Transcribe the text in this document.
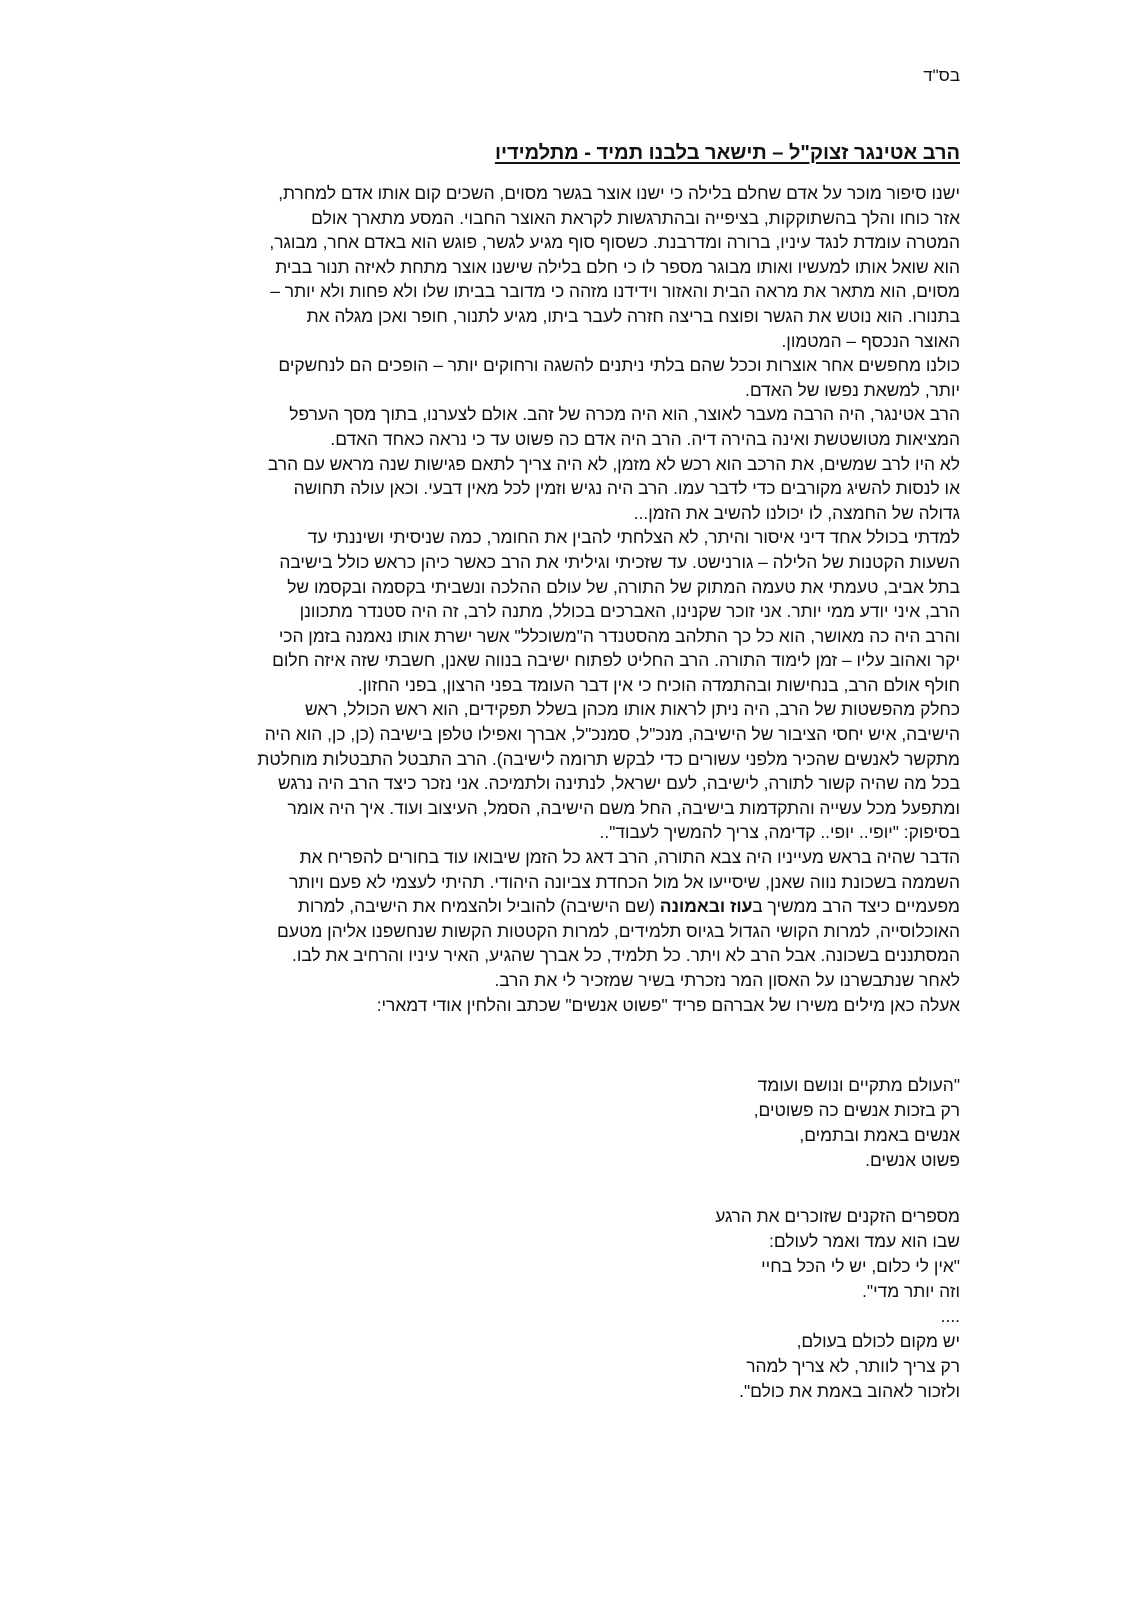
בס"ד

הרב אטינגר זצוק"ל – תישאר בלבנו תמיד - מתלמידיו
ישנו סיפור מוכר על אדם שחלם בלילה כי ישנו אוצר בגשר מסוים, השכים קום אותו אדם למחרת,
אזר כוחו והלך בהשתוקקות, בציפייה ובהתרגשות לקראת האוצר החבוי. המסע מתארך אולם
המטרה עומדת לנגד עיניו, ברורה ומדרבנת. כשסוף סוף מגיע לגשר, פוגש הוא באדם אחר, מבוגר,
הוא שואל אותו למעשיו ואותו מבוגר מספר לו כי חלם בלילה שישנו אוצר מתחת לאיזה תנור בבית
מסוים, הוא מתאר את מראה הבית והאזור וידידנו מזהה כי מדובר בביתו שלו ולא פחות ולא יותר –
בתנורו. הוא נוטש את הגשר ופוצח בריצה חזרה לעבר ביתו, מגיע לתנור, חופר ואכן מגלה את
האוצר הנכסף – המטמון.
כולנו מחפשים אחר אוצרות וככל שהם בלתי ניתנים להשגה ורחוקים יותר – הופכים הם לנחשקים
יותר, למשאת נפשו של האדם.
הרב אטינגר, היה הרבה מעבר לאוצר, הוא היה מכרה של זהב. אולם לצערנו, בתוך מסך הערפל
המציאות מטושטשת ואינה בהירה דיה. הרב היה אדם כה פשוט עד כי נראה כאחד האדם.
לא היו לרב שמשים, את הרכב הוא רכש לא מזמן, לא היה צריך לתאם פגישות שנה מראש עם הרב
או לנסות להשיג מקורבים כדי לדבר עמו. הרב היה נגיש וזמין לכל מאין דבעי. וכאן עולה תחושה
גדולה של החמצה, לו יכולנו להשיב את הזמן...
למדתי בכולל אחד דיני איסור והיתר, לא הצלחתי להבין את החומר, כמה שניסיתי ושיננתי עד
השעות הקטנות של הלילה – גורנישט. עד שזכיתי וגיליתי את הרב כאשר כיהן כראש כולל בישיבה
בתל אביב, טעמתי את טעמה המתוק של התורה, של עולם ההלכה ונשביתי בקסמה ובקסמו של
הרב, איני יודע ממי יותר. אני זוכר שקנינו, האברכים בכולל, מתנה לרב, זה היה סטנדר מתכוונן
והרב היה כה מאושר, הוא כל כך התלהב מהסטנדר ה"משוכלל" אשר ישרת אותו נאמנה בזמן הכי
יקר ואהוב עליו – זמן לימוד התורה. הרב החליט לפתוח ישיבה בנווה שאנן, חשבתי שזה איזה חלום
חולף אולם הרב, בנחישות ובהתמדה הוכיח כי אין דבר העומד בפני הרצון, בפני החזון.
כחלק מהפשטות של הרב, היה ניתן לראות אותו מכהן בשלל תפקידים, הוא ראש הכולל, ראש
הישיבה, איש יחסי הציבור של הישיבה, מנכ"ל, סמנכ"ל, אברך ואפילו טלפן בישיבה (כן, כן, הוא היה
מתקשר לאנשים שהכיר מלפני עשורים כדי לבקש תרומה לישיבה). הרב התבטל התבטלות מוחלטת
בכל מה שהיה קשור לתורה, לישיבה, לעם ישראל, לנתינה ולתמיכה. אני נזכר כיצד הרב היה נרגש
ומתפעל מכל עשייה והתקדמות בישיבה, החל משם הישיבה, הסמל, העיצוב ועוד. איך היה אומר
בסיפוק: "יופי.. יופי.. קדימה, צריך להמשיך לעבוד"..
הדבר שהיה בראש מעייניו היה צבא התורה, הרב דאג כל הזמן שיבואו עוד בחורים להפריח את
השממה בשכונת נווה שאנן, שיסייעו אל מול הכחדת צביונה היהודי. תהיתי לעצמי לא פעם ויותר
מפעמיים כיצד הרב ממשיך בעוז ובאמונה (שם הישיבה) להוביל ולהצמיח את הישיבה, למרות
האוכלוסייה, למרות הקושי הגדול בגיוס תלמידים, למרות הקטטות הקשות שנחשפנו אליהן מטעם
המסתננים בשכונה. אבל הרב לא ויתר. כל תלמיד, כל אברך שהגיע, האיר עיניו והרחיב את לבו.
לאחר שנתבשרנו על האסון המר נזכרתי בשיר שמזכיר לי את הרב.
אעלה כאן מילים משירו של אברהם פריד "פשוט אנשים" שכתב והלחין אודי דמארי:
"העולם מתקיים ונושם ועומד
רק בזכות אנשים כה פשוטים,
אנשים באמת ובתמים,
פשוט אנשים.
מספרים הזקנים שזוכרים את הרגע
שבו הוא עמד ואמר לעולם:
"אין לי כלום, יש לי הכל בחיי
וזה יותר מדי".
....
יש מקום לכולם בעולם,
רק צריך לוותר, לא צריך למהר
ולזכור לאהוב באמת את כולם".
